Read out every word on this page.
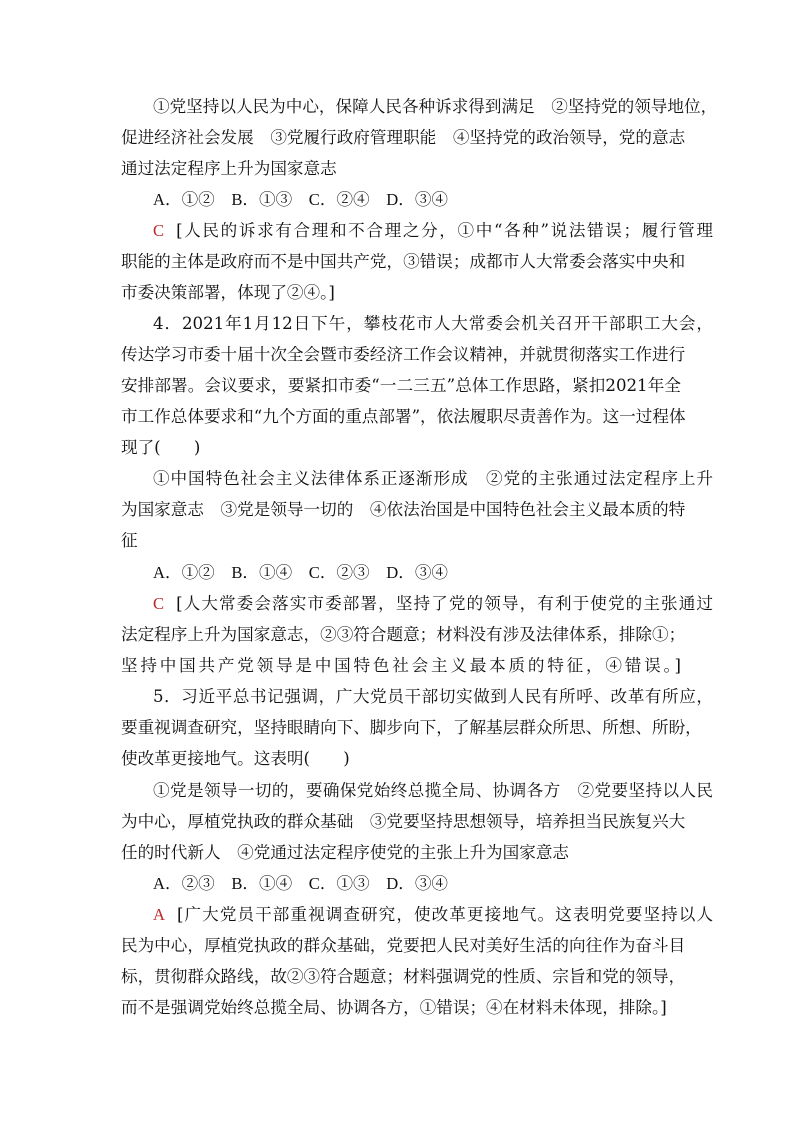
①党坚持以人民为中心，保障人民各种诉求得到满足　②坚持党的领导地位，
促进经济社会发展　③党履行政府管理职能　④坚持党的政治领导，党的意志
通过法定程序上升为国家意志
A．①②　B．①③　C．②④　D．③④
C [人民的诉求有合理和不合理之分，①中“各种”说法错误；履行管理
职能的主体是政府而不是中国共产党，③错误；成都市人大常委会落实中央和
市委决策部署，体现了②④。]
4．2021年1月12日下午，攀枝花市人大常委会机关召开干部职工大会，
传达学习市委十届十次全会暨市委经济工作会议精神，并就贯彻落实工作进行
安排部署。会议要求，要紧扣市委“一二三五”总体工作思路，紧扣2021年全
市工作总体要求和“九个方面的重点部署”，依法履职尽责善作为。这一过程体
现了(　　)
①中国特色社会主义法律体系正逐渐形成　②党的主张通过法定程序上升
为国家意志　③党是领导一切的　④依法治国是中国特色社会主义最本质的特
征
A．①②　B．①④　C．②③　D．③④
C [人大常委会落实市委部署，坚持了党的领导，有利于使党的主张通过
法定程序上升为国家意志，②③符合题意；材料没有涉及法律体系，排除①；
坚持中国共产党领导是中国特色社会主义最本质的特征，④错误。]
5．习近平总书记强调，广大党员干部切实做到人民有所呼、改革有所应，
要重视调查研究，坚持眼睛向下、脚步向下，了解基层群众所思、所想、所盼，
使改革更接地气。这表明(　　)
①党是领导一切的，要确保党始终总揽全局、协调各方　②党要坚持以人民
为中心，厚植党执政的群众基础　③党要坚持思想领导，培养担当民族复兴大
任的时代新人　④党通过法定程序使党的主张上升为国家意志
A．②③　B．①④　C．①③　D．③④
A [广大党员干部重视调查研究，使改革更接地气。这表明党要坚持以人
民为中心，厚植党执政的群众基础，党要把人民对美好生活的向往作为奋斗目
标，贯彻群众路线，故②③符合题意；材料强调党的性质、宗旨和党的领导，
而不是强调党始终总揽全局、协调各方，①错误；④在材料未体现，排除。]
